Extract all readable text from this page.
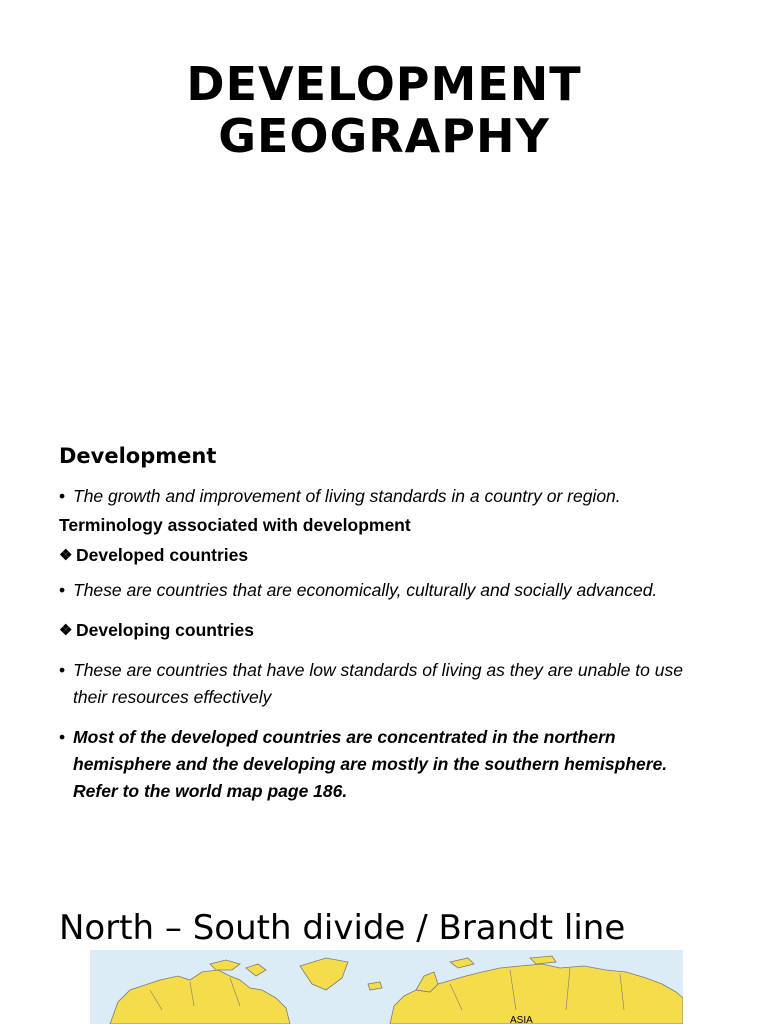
DEVELOPMENT
GEOGRAPHY
Development
• The growth and improvement of living standards in a country or region.
Terminology associated with development
❖ Developed countries
• These are countries that are economically, culturally and socially advanced.
❖ Developing countries
• These are countries that have low standards of living as they are unable to use their resources effectively
• Most of the developed countries are concentrated in the northern hemisphere and the developing are mostly in the southern hemisphere. Refer to the world map page 186.
North – South divide / Brandt line
ASIA
